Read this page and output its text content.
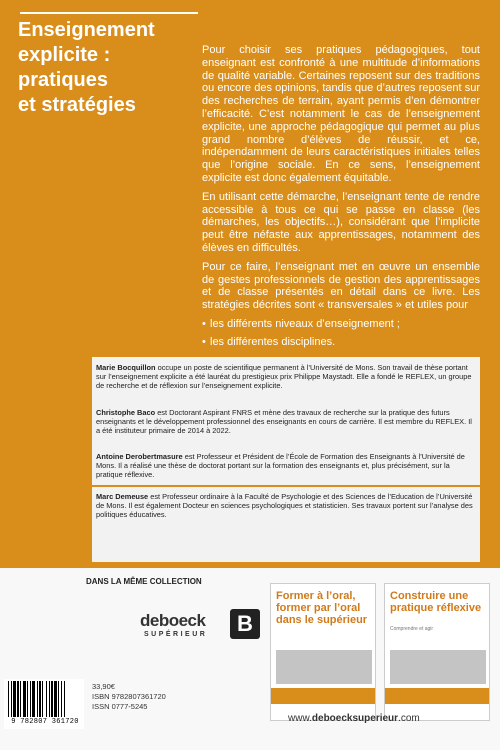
Enseignement
explicite :
pratiques
et stratégies

Pour choisir ses pratiques pédagogiques, tout enseignant est confronté à une multitude d’informations de qualité variable. Certaines reposent sur des traditions ou encore des opinions, tandis que d’autres reposent sur des recherches de terrain, ayant permis d’en démontrer l’efficacité. C’est notamment le cas de l’enseignement explicite, une approche pédagogique qui permet au plus grand nombre d’élèves de réussir, et ce, indépendamment de leurs caractéristiques initiales telles que l’origine sociale. En ce sens, l’enseignement explicite est donc également équitable.

En utilisant cette démarche, l’enseignant tente de rendre accessible à tous ce qui se passe en classe (les démarches, les objectifs…), considérant que l’implicite peut être néfaste aux apprentissages, notamment des élèves en difficultés.

Pour ce faire, l’enseignant met en œuvre un ensemble de gestes professionnels de gestion des apprentissages et de classe présentés en détail dans ce livre. Les stratégies décrites sont « transversales » et utiles pour

• les différents niveaux d’enseignement ;
• les différentes disciplines.
Marie Bocquillon occupe un poste de scientifique permanent à l’Université de Mons. Son travail de thèse portant sur l’enseignement explicite a été lauréat du prestigieux prix Philippe Maystadt. Elle a fondé le REFLEX, un groupe de recherche et de réflexion sur l’enseignement explicite.
Christophe Baco est Doctorant Aspirant FNRS et mène des travaux de recherche sur la pratique des futurs enseignants et le développement professionnel des enseignants en cours de carrière. Il est membre du REFLEX. Il a été instituteur primaire de 2014 à 2022.
Antoine Derobertmasure est Professeur et Président de l’École de Formation des Enseignants à l’Université de Mons. Il a réalisé une thèse de doctorat portant sur la formation des enseignants et, plus précisément, sur la pratique réflexive.
Marc Demeuse est Professeur ordinaire à la Faculté de Psychologie et des Sciences de l’Education de l’Université de Mons. Il est également Docteur en sciences psychologiques et statisticien. Ses travaux portent sur l’analyse des politiques éducatives.
DANS LA MÊME COLLECTION
deboeck
SUPÉRIEUR	B
Former à l’oral, former par l’oral dans le supérieur
Construire une pratique réflexive
Comprendre et agir
9 782807 361720
33,90€
ISBN 9782807361720
ISSN 0777-5245
www.deboecksuperieur.com
